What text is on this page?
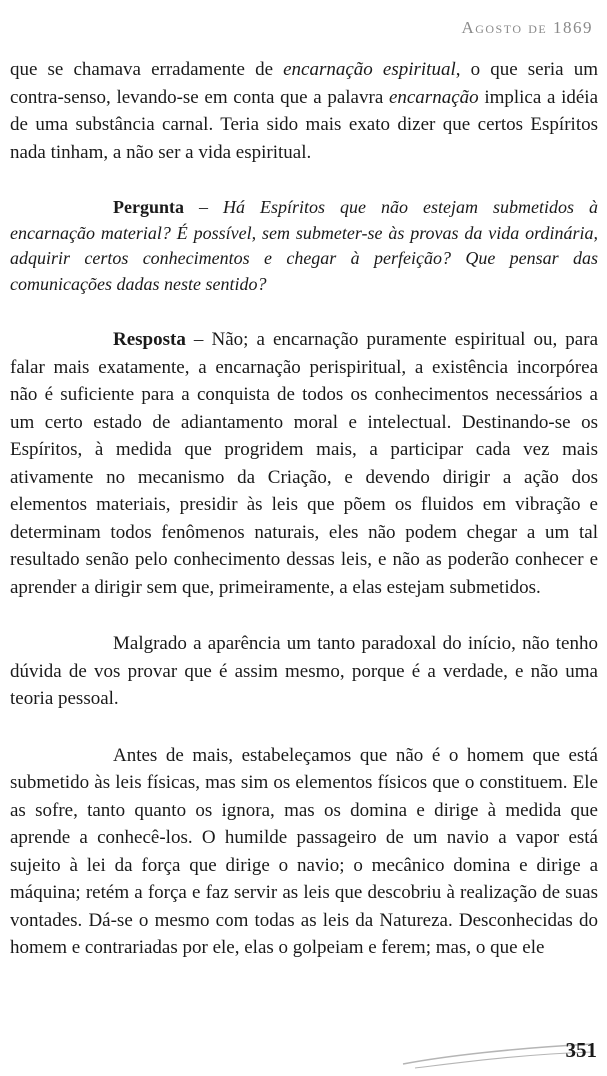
Agosto de 1869

que se chamava erradamente de encarnação espiritual, o que seria um contra-senso, levando-se em conta que a palavra encarnação implica a idéia de uma substância carnal. Teria sido mais exato dizer que certos Espíritos nada tinham, a não ser a vida espiritual.

Pergunta – Há Espíritos que não estejam submetidos à encarnação material? É possível, sem submeter-se às provas da vida ordinária, adquirir certos conhecimentos e chegar à perfeição? Que pensar das comunicações dadas neste sentido?

Resposta – Não; a encarnação puramente espiritual ou, para falar mais exatamente, a encarnação perispiritual, a existência incorpórea não é suficiente para a conquista de todos os conhecimentos necessários a um certo estado de adiantamento moral e intelectual. Destinando-se os Espíritos, à medida que progridem mais, a participar cada vez mais ativamente no mecanismo da Criação, e devendo dirigir a ação dos elementos materiais, presidir às leis que põem os fluidos em vibração e determinam todos fenômenos naturais, eles não podem chegar a um tal resultado senão pelo conhecimento dessas leis, e não as poderão conhecer e aprender a dirigir sem que, primeiramente, a elas estejam submetidos.

Malgrado a aparência um tanto paradoxal do início, não tenho dúvida de vos provar que é assim mesmo, porque é a verdade, e não uma teoria pessoal.

Antes de mais, estabeleçamos que não é o homem que está submetido às leis físicas, mas sim os elementos físicos que o constituem. Ele as sofre, tanto quanto os ignora, mas os domina e dirige à medida que aprende a conhecê-los. O humilde passageiro de um navio a vapor está sujeito à lei da força que dirige o navio; o mecânico domina e dirige a máquina; retém a força e faz servir as leis que descobriu à realização de suas vontades. Dá-se o mesmo com todas as leis da Natureza. Desconhecidas do homem e contrariadas por ele, elas o golpeiam e ferem; mas, o que ele

351
